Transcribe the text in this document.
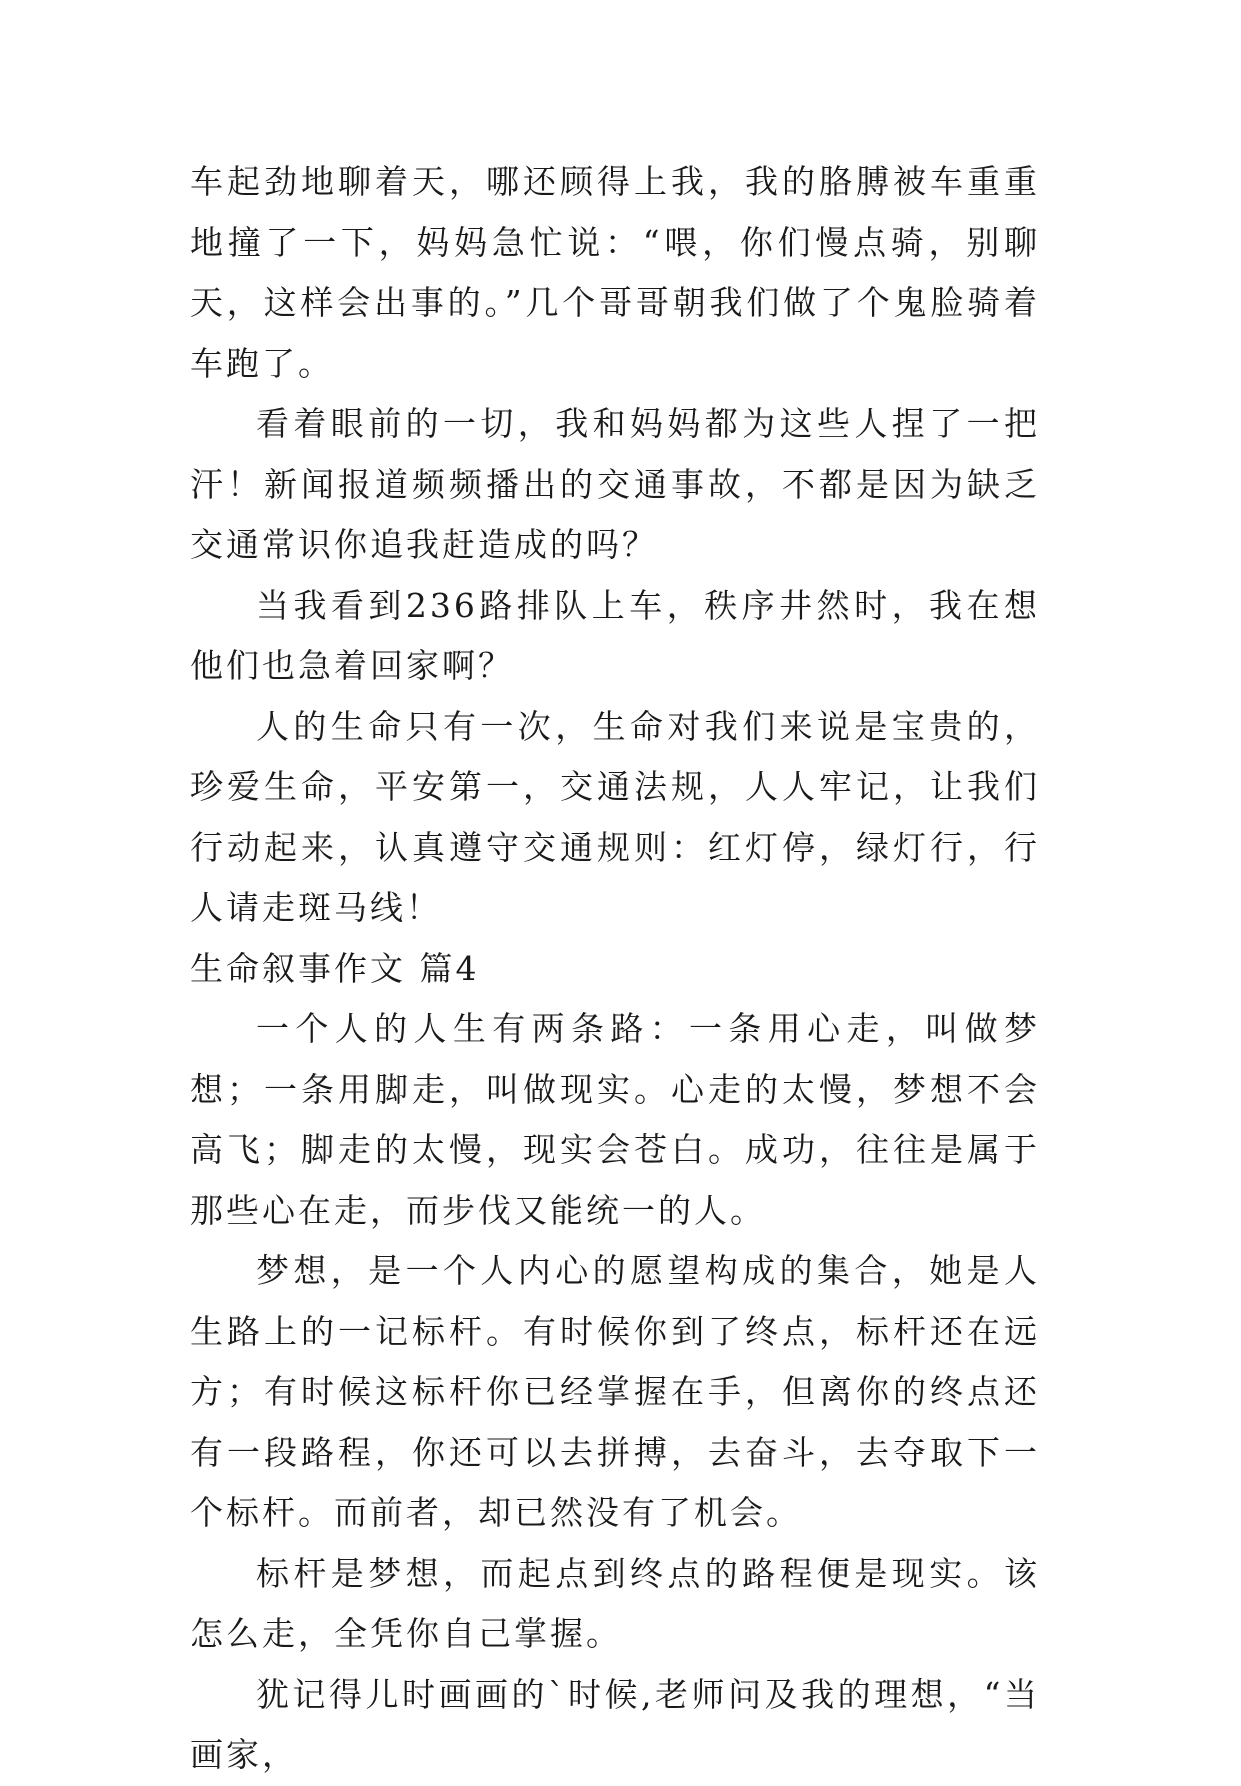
车起劲地聊着天，哪还顾得上我，我的胳膊被车重重地撞了一下，妈妈急忙说：“喂，你们慢点骑，别聊天，这样会出事的。”几个哥哥朝我们做了个鬼脸骑着车跑了。

看着眼前的一切，我和妈妈都为这些人捏了一把汗！新闻报道频频播出的交通事故，不都是因为缺乏交通常识你追我赶造成的吗？

当我看到236路排队上车，秩序井然时，我在想他们也急着回家啊？

人的生命只有一次，生命对我们来说是宝贵的，珍爱生命，平安第一，交通法规，人人牢记，让我们行动起来，认真遵守交通规则：红灯停，绿灯行，行人请走斑马线！

生命叙事作文 篇4

一个人的人生有两条路：一条用心走，叫做梦想；一条用脚走，叫做现实。心走的太慢，梦想不会高飞；脚走的太慢，现实会苍白。成功，往往是属于那些心在走，而步伐又能统一的人。

梦想，是一个人内心的愿望构成的集合，她是人生路上的一记标杆。有时候你到了终点，标杆还在远方；有时候这标杆你已经掌握在手，但离你的终点还有一段路程，你还可以去拼搏，去奋斗，去夺取下一个标杆。而前者，却已然没有了机会。

标杆是梦想，而起点到终点的路程便是现实。该怎么走，全凭你自己掌握。

犹记得儿时画画的`时候,老师问及我的理想，“当画家，
